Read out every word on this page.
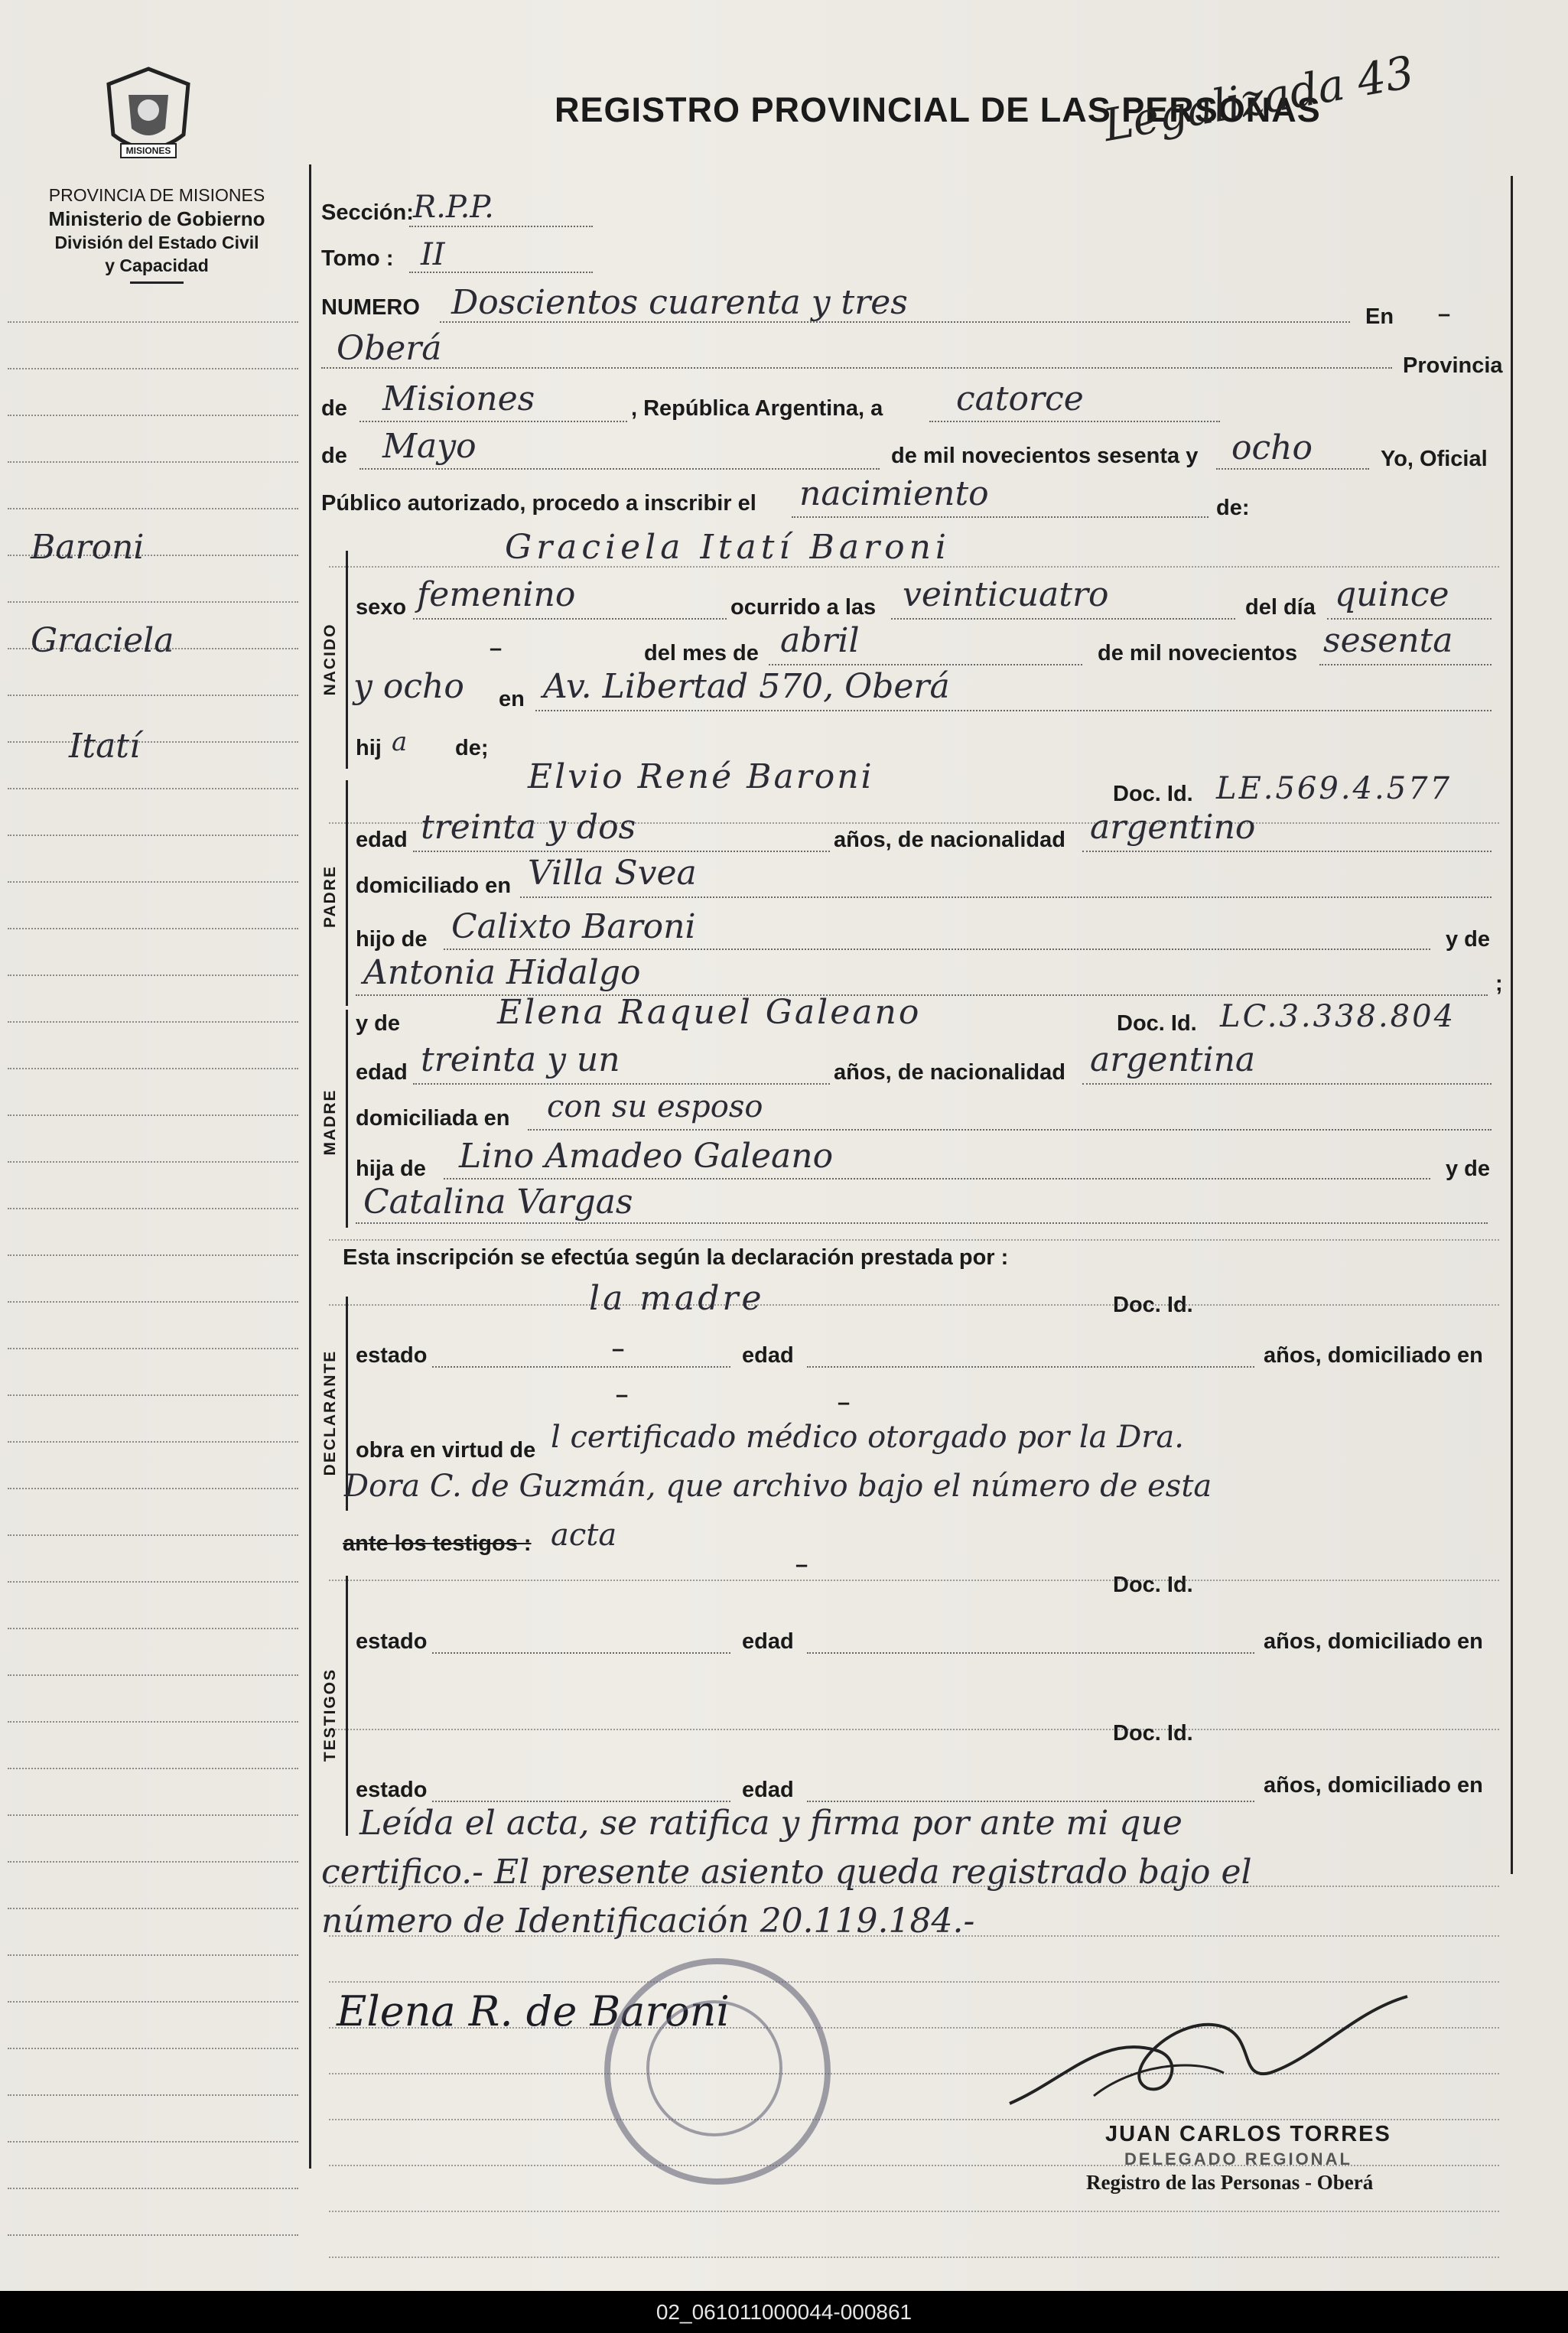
MISIONES
PROVINCIA DE MISIONES
Ministerio de Gobierno
División del Estado Civil
y Capacidad
REGISTRO PROVINCIAL DE LAS PERSONAS
Legalizada 43
Baroni
Graciela
Itatí
NACIDO
PADRE
MADRE
DECLARANTE
TESTIGOS
Sección: R.P.P.
Tomo : II
NUMERO Doscientos cuarenta y tres	En –
Oberá	Provincia
de Misiones	, República Argentina, a catorce
de Mayo	de mil novecientos sesenta y ocho	Yo, Oficial
Público autorizado, procedo a inscribir el nacimiento	de:
Graciela Itatí Baroni
sexo femenino	ocurrido a las veinticuatro	del día quince
–	del mes de abril	de mil novecientos sesenta
y ocho en Av. Libertad 570, Oberá
hij a de;
Elvio René Baroni	Doc. Id. LE.569.4.577
edad treinta y dos	años, de nacionalidad argentino
domiciliado en Villa Svea
hijo de Calixto Baroni	y de
Antonia Hidalgo	;
y de	Elena Raquel Galeano	Doc. Id. LC.3.338.804
edad treinta y un	años, de nacionalidad argentina
domiciliada en con su esposo
hija de Lino Amadeo Galeano	y de
Catalina Vargas
Esta inscripción se efectúa según la declaración prestada por :
la madre	Doc. Id.
estado	–	edad	años, domiciliado en
–	–
obra en virtud de l certificado médico otorgado por la Dra.
Dora C. de Guzmán, que archivo bajo el número de esta
ante los testigos : acta
–
Doc. Id.
estado	edad	años, domiciliado en
Doc. Id.
estado	edad	años, domiciliado en
Leída el acta, se ratifica y firma por ante mi que
certifico.- El presente asiento queda registrado bajo el
número de Identificación 20.119.184.-
Elena R. de Baroni
JUAN CARLOS TORRES
DELEGADO REGIONAL
Registro de las Personas - Oberá
02_061011000044-000861
